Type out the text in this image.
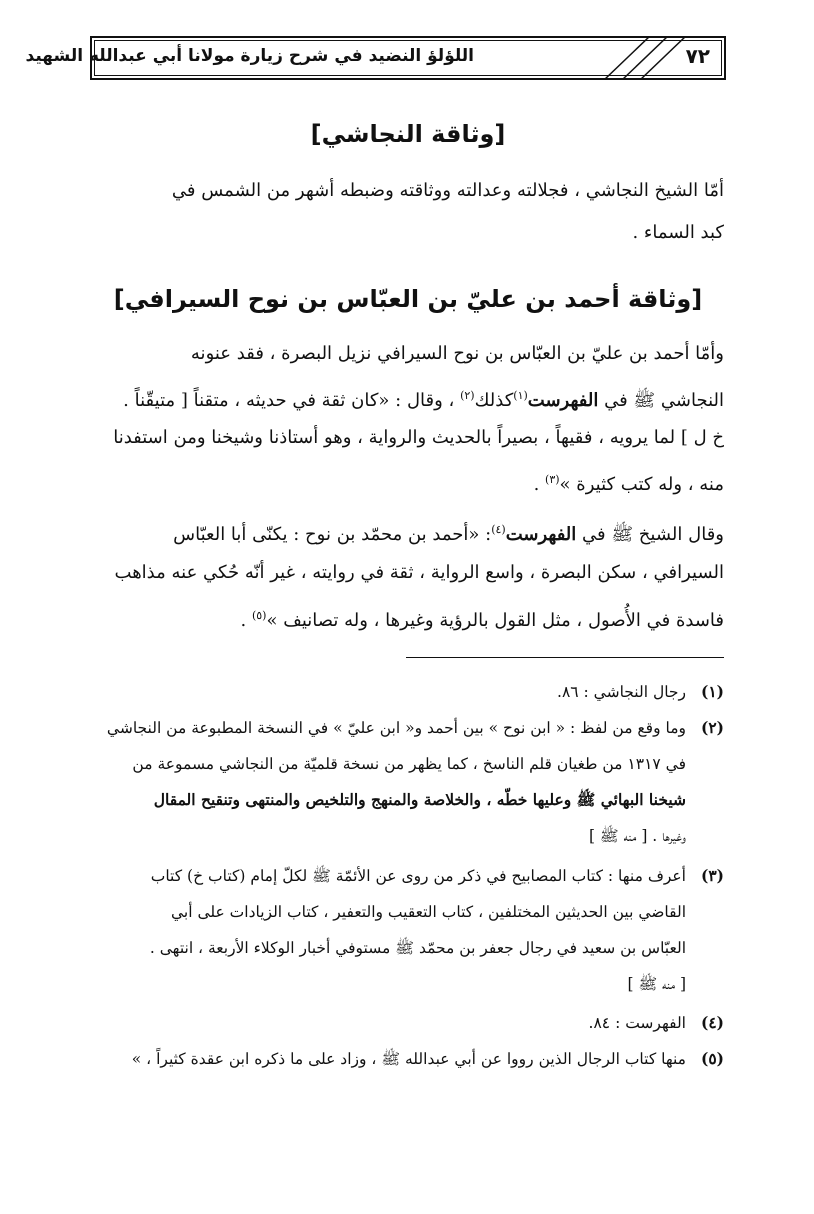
اللؤلؤ النضيد في شرح زيارة مولانا أبي عبدالله الشهيد	٧٢
[وثاقة النجاشي]
أمّا الشيخ النجاشي ، فجلالته وعدالته ووثاقته وضبطه أشهر من الشمس في
كبد السماء .
[وثاقة أحمد بن عليّ بن العبّاس بن نوح السيرافي]
وأمّا أحمد بن عليّ بن العبّاس بن نوح السيرافي نزيل البصرة ، فقد عنونه
النجاشي ﷺ في الفهرست$^{(١)}$كذلك$^{(٢)}$ ، وقال : «كان ثقة في حديثه ، متقناً [ متيقّناً .
خ ل ] لما يرويه ، فقيهاً ، بصيراً بالحديث والرواية ، وهو أستاذنا وشيخنا ومن استفدنا
منه ، وله كتب كثيرة »$^{(٣)}$ .
وقال الشيخ ﷺ في الفهرست$^{(٤)}$: «أحمد بن محمّد بن نوح : يكنّى أبا العبّاس
السيرافي ، سكن البصرة ، واسع الرواية ، ثقة في روايته ، غير أنّه حُكي عنه مذاهب
فاسدة في الأُصول ، مثل القول بالرؤية وغيرها ، وله تصانيف »$^{(٥)}$ .
(١)
رجال النجاشي : ٨٦.
(٢)
وما وقع من لفظ : « ابن نوح » بين أحمد و« ابن عليّ » في النسخة المطبوعة من النجاشي
في ١٣١٧ من طغيان قلم الناسخ ، كما يظهر من نسخة قلميّة من النجاشي مسموعة من
شيخنا البهائي ﷺ وعليها خطّه ، والخلاصة والمنهج والتلخيص والمنتهى وتنقيح المقال
وغيرها . [ منه ﷺ ]
(٣)
أعرف منها : كتاب المصابيح في ذكر من روى عن الأئمّة ﷺ لكلّ إمام (كتاب خ) كتاب
القاضي بين الحديثين المختلفين ، كتاب التعقيب والتعفير ، كتاب الزيادات على أبي
العبّاس بن سعيد في رجال جعفر بن محمّد ﷺ مستوفي أخبار الوكلاء الأربعة ، انتهى .
[ منه ﷺ ]
(٤)
الفهرست : ٨٤.
(٥)
منها كتاب الرجال الذين رووا عن أبي عبدالله ﷺ ، وزاد على ما ذكره ابن عقدة كثيراً ، »
